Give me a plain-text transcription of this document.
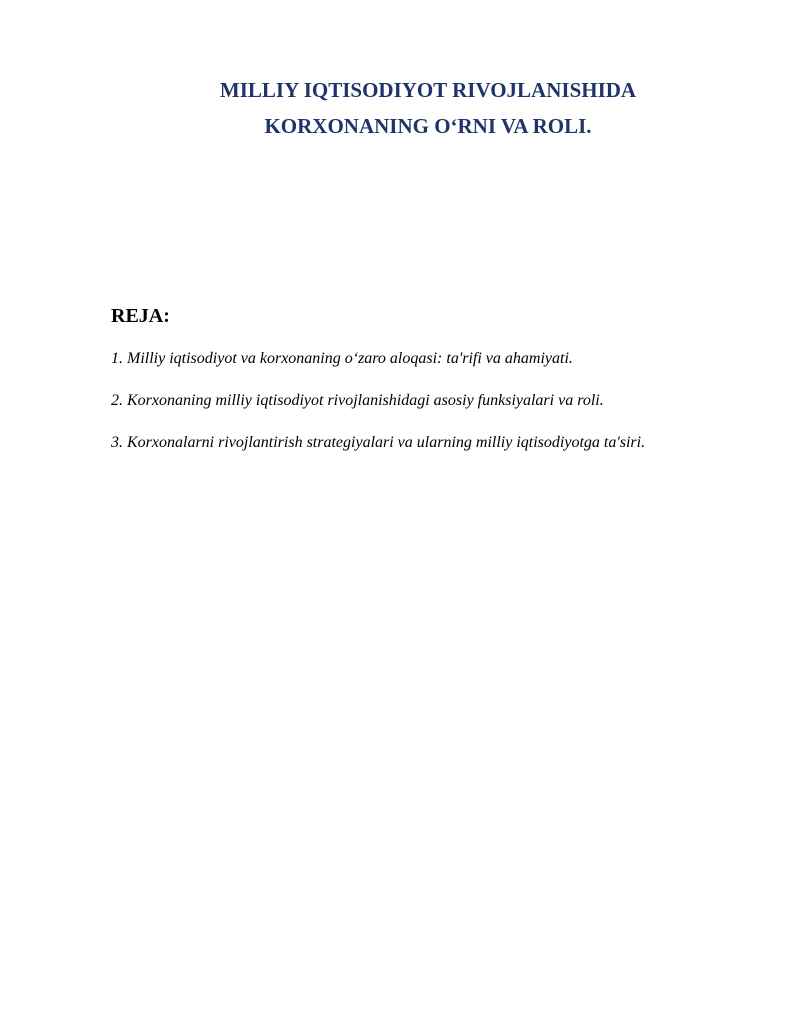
MILLIY IQTISODIYOT RIVOJLANISHIDA
KORXONANING O‘RNI VA ROLI.
REJA:
1. Milliy iqtisodiyot va korxonaning o‘zaro aloqasi: ta'rifi va ahamiyati.
2. Korxonaning milliy iqtisodiyot rivojlanishidagi asosiy funksiyalari va roli.
3. Korxonalarni rivojlantirish strategiyalari va ularning milliy iqtisodiyotga ta'siri.
